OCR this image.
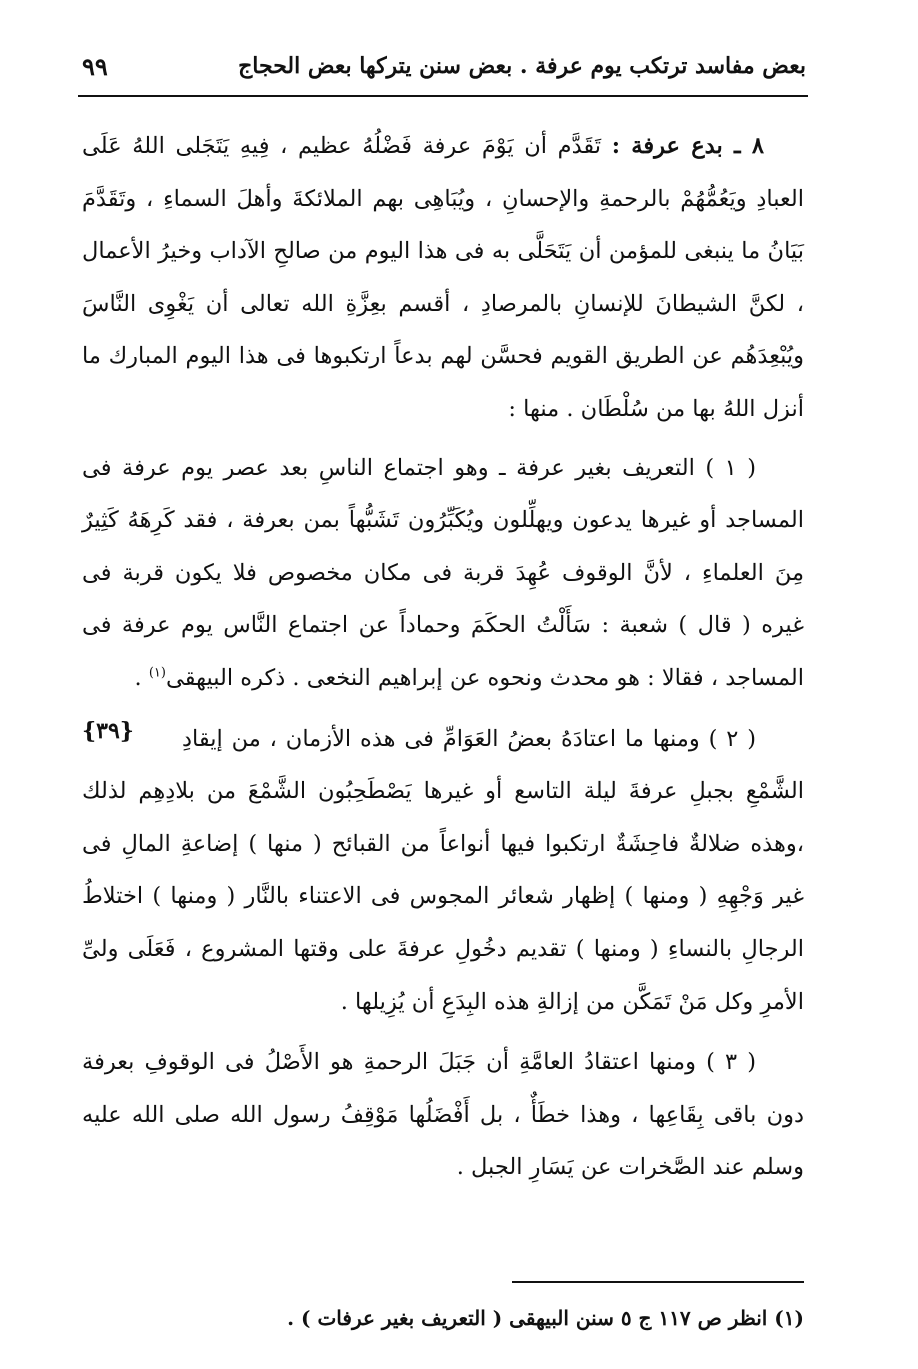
بعض مفاسد ترتكب يوم عرفة . بعض سنن يتركها بعض الحجاج
٩٩

٨ ـ بدع عرفة : تَقَدَّم أن يَوْمَ عرفة فَضْلُهُ عظيم ، فِيهِ يَتَجَلى اللهُ عَلَى العبادِ ويَعُمُّهُمْ بالرحمةِ والإحسانِ ، ويُبَاهِى بهم الملائكةَ وأهلَ السماءِ ، وتَقَدَّمَ بَيَانُ ما ينبغى للمؤمن أن يَتَحَلَّى به فى هذا اليوم من صالحِ الآداب وخيرُ الأعمال ، لكنَّ الشيطانَ للإنسانِ بالمرصادِ ، أقسم بعِزَّةِ الله تعالى أن يَغْوِى النَّاسَ ويُبْعِدَهُم عن الطريق القويم فحسَّن لهم بدعاً ارتكبوها فى هذا اليوم المبارك ما أنزل اللهُ بها من سُلْطَان . منها :

( ١ ) التعريف بغير عرفة ـ وهو اجتماع الناسِ بعد عصر يوم عرفة فى المساجد أو غيرها يدعون ويهلِّلون ويُكَبِّرُون تَشَبُّهاً بمن بعرفة ، فقد كَرِهَهُ كَثِيرٌ مِنَ العلماءِ ، لأنَّ الوقوف عُهِدَ قربة فى مكان مخصوص فلا يكون قربة فى غيره ( قال ) شعبة : سَأَلْتُ الحكَمَ وحماداً عن اجتماع النَّاس يوم عرفة فى المساجد ، فقالا : هو محدث ونحوه عن إبراهيم النخعى . ذكره البيهقى$^{(١)}$ .
{٣٩}	( ٢ ) ومنها ما اعتادَهُ بعضُ العَوَامِّ فى هذه الأزمان ، من إيقادِ الشَّمْعِ بجبلِ عرفةَ ليلة التاسع أو غيرها يَصْطَحِبُون الشَّمْعَ من بلادِهِم لذلك ،وهذه ضلالةٌ فاحِشَةٌ ارتكبوا فيها أنواعاً من القبائح ( منها ) إضاعةِ المالِ فى غير وَجْهِهِ ( ومنها ) إظهار شعائر المجوس فى الاعتناء بالنَّار ( ومنها ) اختلاطُ الرجالِ بالنساءِ ( ومنها ) تقديم دخُولِ عرفةَ على وقتها المشروع ، فَعَلَى ولىِّ الأمرِ وكل مَنْ تَمَكَّن من إزالةِ هذه البِدَعِ أن يُزِيلها .

( ٣ ) ومنها اعتقادُ العامَّةِ أن جَبَلَ الرحمةِ هو الأَصْلُ فى الوقوفِ بعرفة دون باقى بِقَاعِها ، وهذا خطَأٌ ، بل أَفْضَلُها مَوْقِفُ رسول الله صلى الله عليه وسلم عند الصَّخرات عن يَسَارِ الجبل .

(١) انظر ص ١١٧ ج ٥ سنن البيهقى ( التعريف بغير عرفات ) .
